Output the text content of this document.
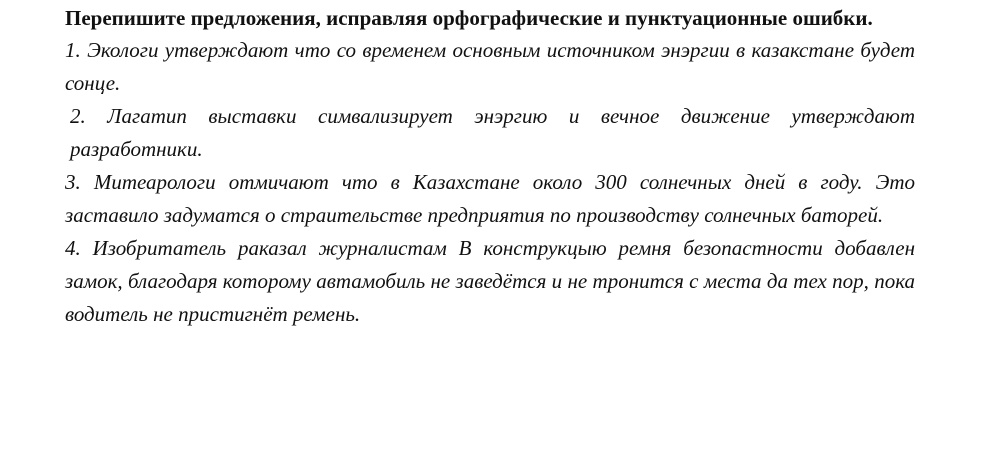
Перепишите предложения, исправляя орфографические и пунктуационные ошибки.

1. Экологи утверждают что со временем основным источником энэргии в казакстане будет сонце.

2. Лагатип выставки симвализирует энэргию и вечное движение утверждают разработники.

3. Митеарологи отмичают что в Казахстане около 300 солнечных дней в году. Это заставило задуматся о страительстве предприятия по производству солнечных баторей.

4. Изобритатель раказал журналистам В конструкцыю ремня безопастности добавлен замок, благодаря которому автамобиль не заведётся и не тронится с места да тех пор, пока водитель не пристигнёт ремень.
